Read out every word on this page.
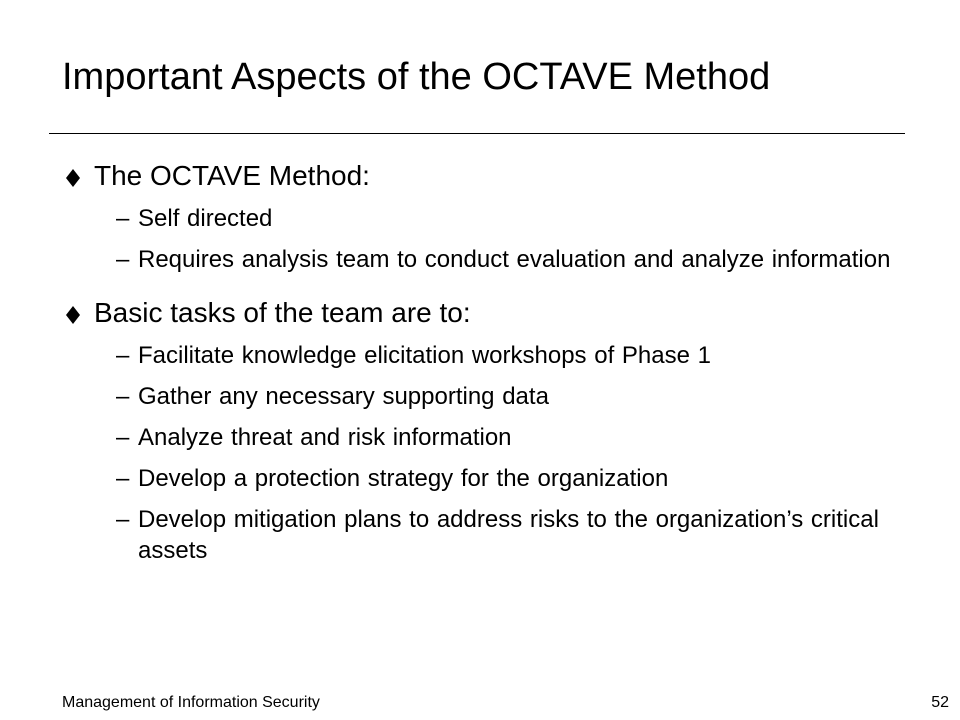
Important Aspects of the OCTAVE Method
The OCTAVE Method:
– Self directed
– Requires analysis team to conduct evaluation and analyze information
Basic tasks of the team are to:
– Facilitate knowledge elicitation workshops of Phase 1
– Gather any necessary supporting data
– Analyze threat and risk information
– Develop a protection strategy for the organization
– Develop mitigation plans to address risks to the organization’s critical assets
Management of Information Security	52
